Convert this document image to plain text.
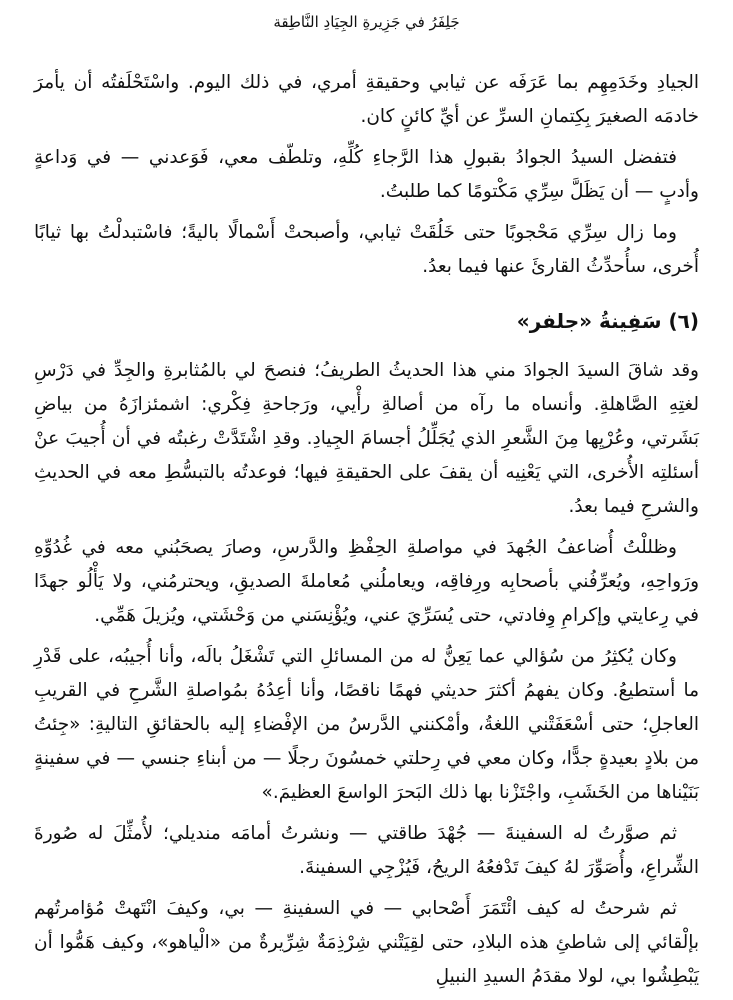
جَلِفَرُ في جَزِيرةِ الجِيَادِ النَّاطِقة

الجيادِ وخَدَمِهِم بما عَرَفَه عن ثيابي وحقيقةِ أمري، في ذلك اليوم. واسْتَحْلَفتُه أن يأمرَ خادمَه الصغيرَ بِكِتمانِ السرِّ عن أيِّ كائنٍ كان.

فتفضل السيدُ الجوادُ بقبولِ هذا الرَّجاءِ كُلِّهِ، وتلطّف معي، فَوَعدني — في وَداعةٍ وأدبٍ — أن يَظَلَّ سِرِّي مَكْتومًا كما طلبتُ.

وما زال سِرِّي مَحْجوبًا حتى خَلُقَتْ ثيابي، وأصبحتْ أَسْمالًا باليةً؛ فاسْتبدلْتُ بها ثيابًا أُخرى، سأُحدِّثُ القارئَ عنها فيما بعدُ.

(٦) سَفِينةُ «جلفر»

وقد شاقَ السيدَ الجوادَ مني هذا الحديثُ الطريفُ؛ فنصحَ لي بالمُثابرةِ والجِدِّ في دَرْسِ لغتِهِ الصَّاهلةِ. وأنساه ما رآه من أصالةِ رأْيي، ورَجاحةِ فِكْري: اشمئزازَهُ من بياضِ بَشَرتي، وعُرْيِها مِنَ الشَّعرِ الذي يُجَلِّلُ أجسامَ الجِيادِ. وقدِ اشْتَدَّتْ رغبتُه في أن أُجيبَ عنْ أسئلتِه الأُخرى، التي يَعْنِيه أن يقفَ على الحقيقةِ فيها؛ فوعدتُه بالتبسُّطِ معه في الحديثِ والشرحِ فيما بعدُ.

وظللْتُ أُضاعفُ الجُهدَ في مواصلةِ الحِفْظِ والدَّرسِ، وصارَ يصحَبُني معه في غُدُوِّهِ ورَواحِهِ، ويُعرِّفُني بأصحابِه ورِفاقِه، ويعاملُني مُعاملةَ الصديقِ، ويحترمُني، ولا يَأْلُو جهدًا في رِعايتي وإكرامِ وِفادتي، حتى يُسَرِّيَ عني، ويُؤْنِسَني من وَحْشَتي، ويُزيلَ هَمِّي.

وكان يُكثِرُ من سُؤالي عما يَعِنُّ له من المسائلِ التي تَشْغَلُ بالَه، وأنا أُجيبُه، على قَدْرِ ما أستطيعُ. وكان يفهمُ أكثرَ حديثي فهمًا ناقصًا، وأنا أعِدُهُ بمُواصلةِ الشَّرحِ في القريبِ العاجلِ؛ حتى أسْعَفَتْني اللغةُ، وأمْكنني الدَّرسُ من الإفْضاءِ إليه بالحقائقِ التاليةِ: «جِئتُ من بلادٍ بعيدةٍ جدًّا، وكان معي في رِحلتي خمسُونَ رجلًا — من أبناءِ جنسي — في سفينةٍ بَنَيْناها من الخَشَبِ، واجْتَزْنا بها ذلك البَحرَ الواسعَ العظيمَ.»

ثم صوَّرتُ له السفينةَ — جُهْدَ طاقتي — ونشرتُ أمامَه منديلي؛ لأُمثِّلَ له صُورةَ الشِّراعِ، وأُصَوِّرَ لهُ كيفَ تَدْفعُهُ الريحُ، فَيُزْجِي السفينةَ.

ثم شرحتُ له كيف ائْتَمَرَ أَصْحابي — في السفينةِ — بي، وكيفَ انْتَهتْ مُؤامرتُهم بإلْقائي إلى شاطئِ هذه البلادِ، حتى لقِيَتْني شِرْذِمَةٌ شِرِّيرةٌ من «الْياهو»، وكيف هَمُّوا أن يَبْطِشُوا بي، لولا مقدَمُ السيدِ النبيلِ
